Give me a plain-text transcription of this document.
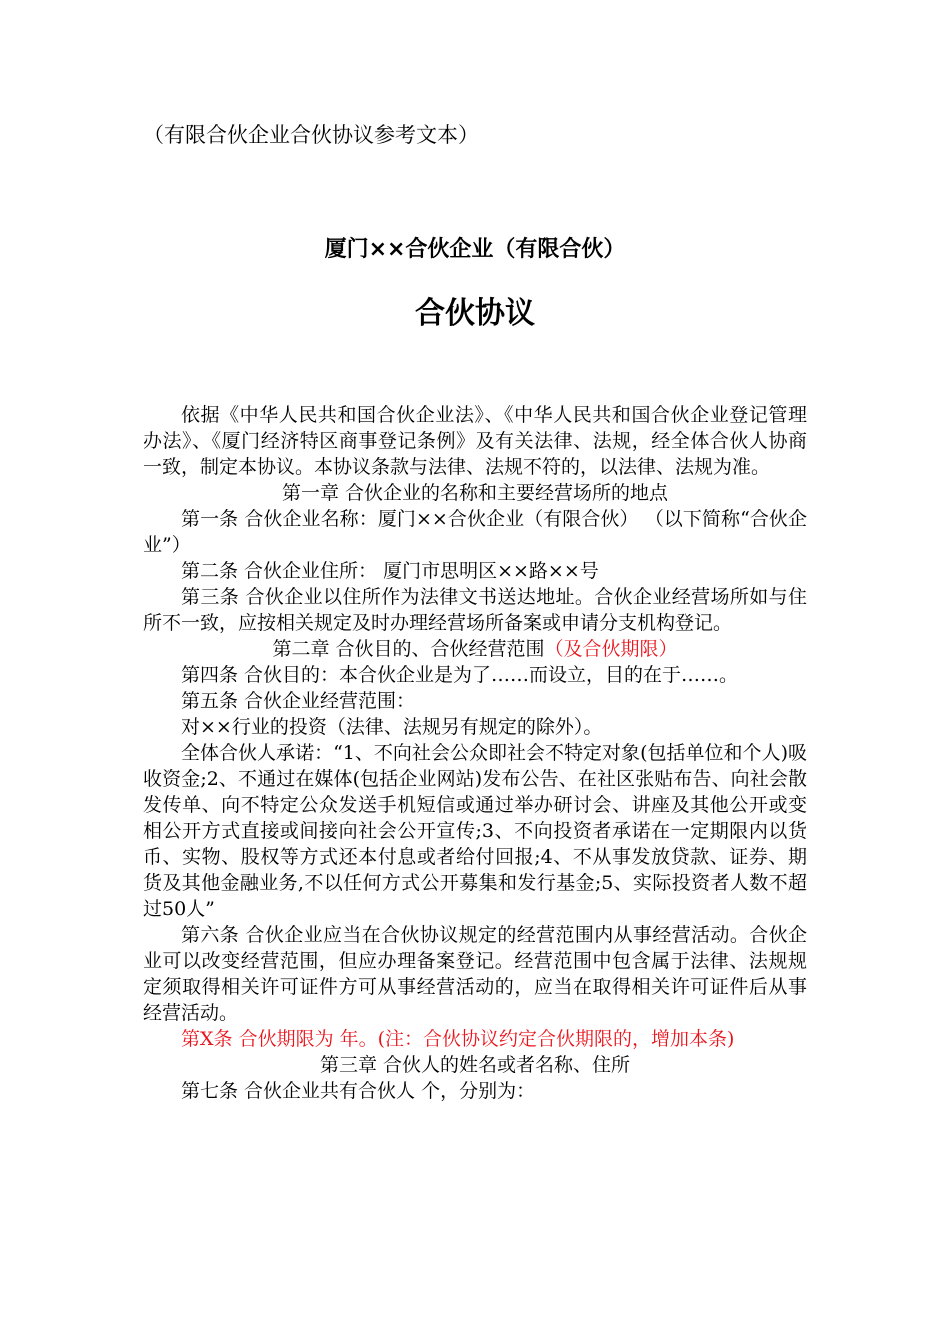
（有限合伙企业合伙协议参考文本）
厦门××合伙企业（有限合伙）
合伙协议

依据《中华人民共和国合伙企业法》、《中华人民共和国合伙企业登记管理办法》、《厦门经济特区商事登记条例》及有关法律、法规，经全体合伙人协商一致，制定本协议。本协议条款与法律、法规不符的，以法律、法规为准。

第一章 合伙企业的名称和主要经营场所的地点

第一条 合伙企业名称：厦门××合伙企业（有限合伙） （以下简称“合伙企业”）

第二条 合伙企业住所： 厦门市思明区××路××号

第三条 合伙企业以住所作为法律文书送达地址。合伙企业经营场所如与住所不一致，应按相关规定及时办理经营场所备案或申请分支机构登记。

第二章 合伙目的、合伙经营范围（及合伙期限）

第四条 合伙目的：本合伙企业是为了……而设立，目的在于……。

第五条 合伙企业经营范围：

对××行业的投资（法律、法规另有规定的除外）。

全体合伙人承诺：“1、不向社会公众即社会不特定对象(包括单位和个人)吸收资金;2、不通过在媒体(包括企业网站)发布公告、在社区张贴布告、向社会散发传单、向不特定公众发送手机短信或通过举办研讨会、讲座及其他公开或变相公开方式直接或间接向社会公开宣传;3、不向投资者承诺在一定期限内以货币、实物、股权等方式还本付息或者给付回报;4、不从事发放贷款、证券、期货及其他金融业务,不以任何方式公开募集和发行基金;5、实际投资者人数不超过50人”

第六条 合伙企业应当在合伙协议规定的经营范围内从事经营活动。合伙企业可以改变经营范围，但应办理备案登记。经营范围中包含属于法律、法规规定须取得相关许可证件方可从事经营活动的，应当在取得相关许可证件后从事经营活动。

第X条 合伙期限为 年。(注：合伙协议约定合伙期限的，增加本条)

第三章 合伙人的姓名或者名称、住所

第七条 合伙企业共有合伙人 个，分别为：
